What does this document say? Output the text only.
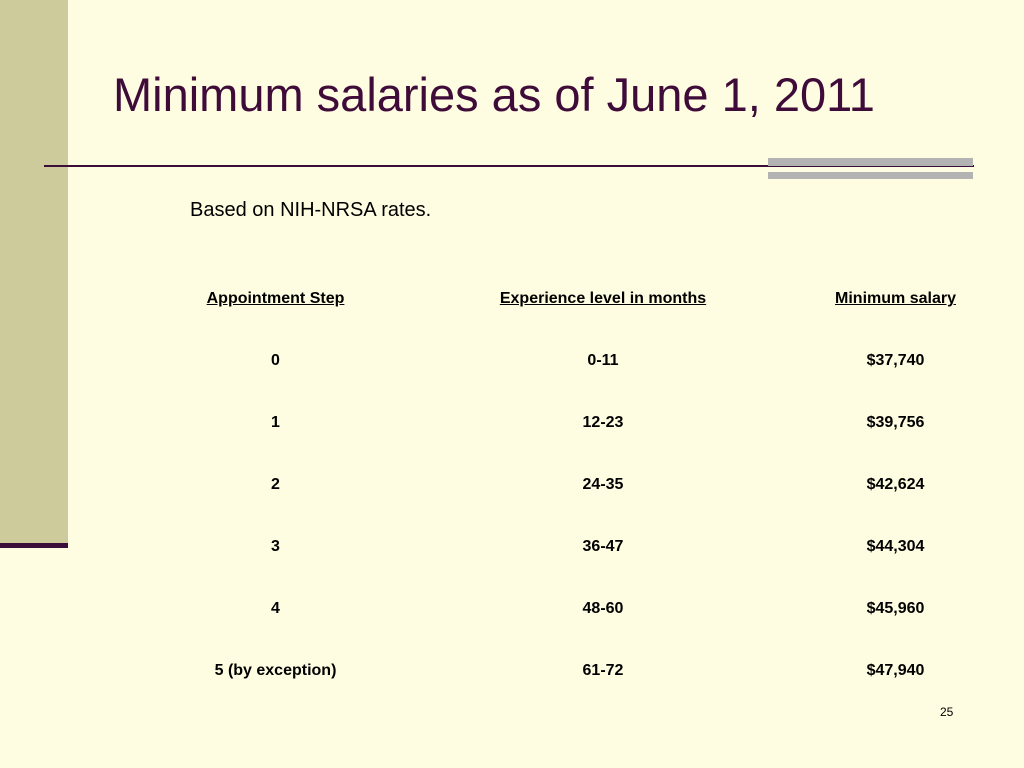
Minimum salaries as of June 1, 2011
Based on NIH-NRSA rates.
Appointment Step	Experience level in months	Minimum salary
0	0-11	$37,740
1	12-23	$39,756
2	24-35	$42,624
3	36-47	$44,304
4	48-60	$45,960
5 (by exception)	61-72	$47,940
25
